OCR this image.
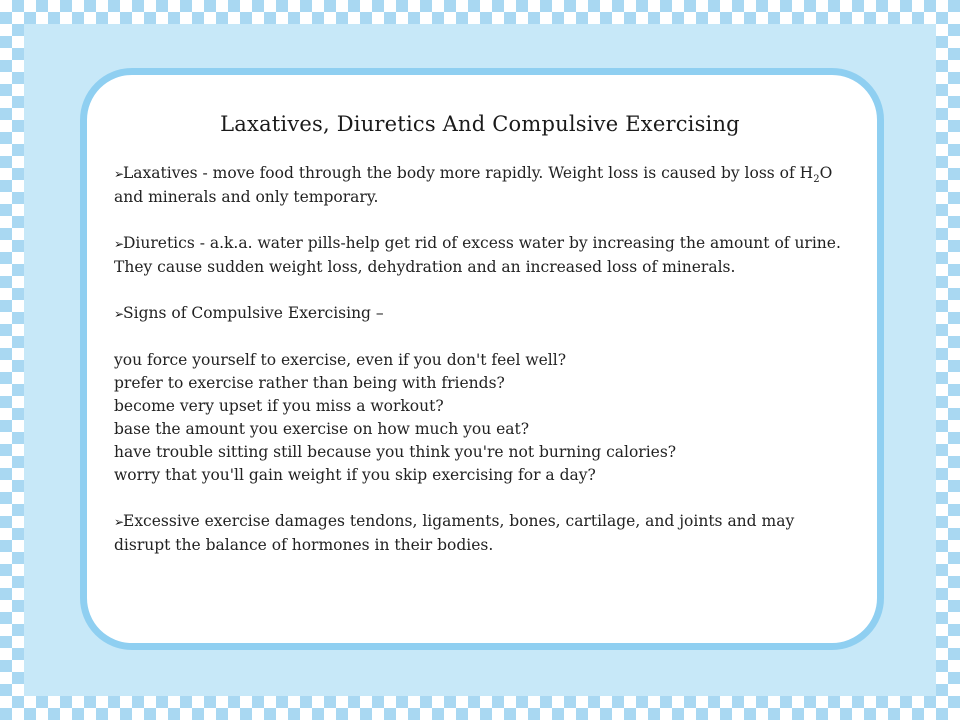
Laxatives, Diuretics And Compulsive Exercising

➢Laxatives - move food through the body more rapidly. Weight loss is caused by loss of $H_2O$ and minerals and only temporary.

➢Diuretics - a.k.a. water pills-help get rid of excess water by increasing the amount of urine. They cause sudden weight loss, dehydration and an increased loss of minerals.

➢Signs of Compulsive Exercising –

you force yourself to exercise, even if you don't feel well?
prefer to exercise rather than being with friends?
become very upset if you miss a workout?
base the amount you exercise on how much you eat?
have trouble sitting still because you think you're not burning calories?
worry that you'll gain weight if you skip exercising for a day?

➢Excessive exercise damages tendons, ligaments, bones, cartilage, and joints and may disrupt the balance of hormones in their bodies.
